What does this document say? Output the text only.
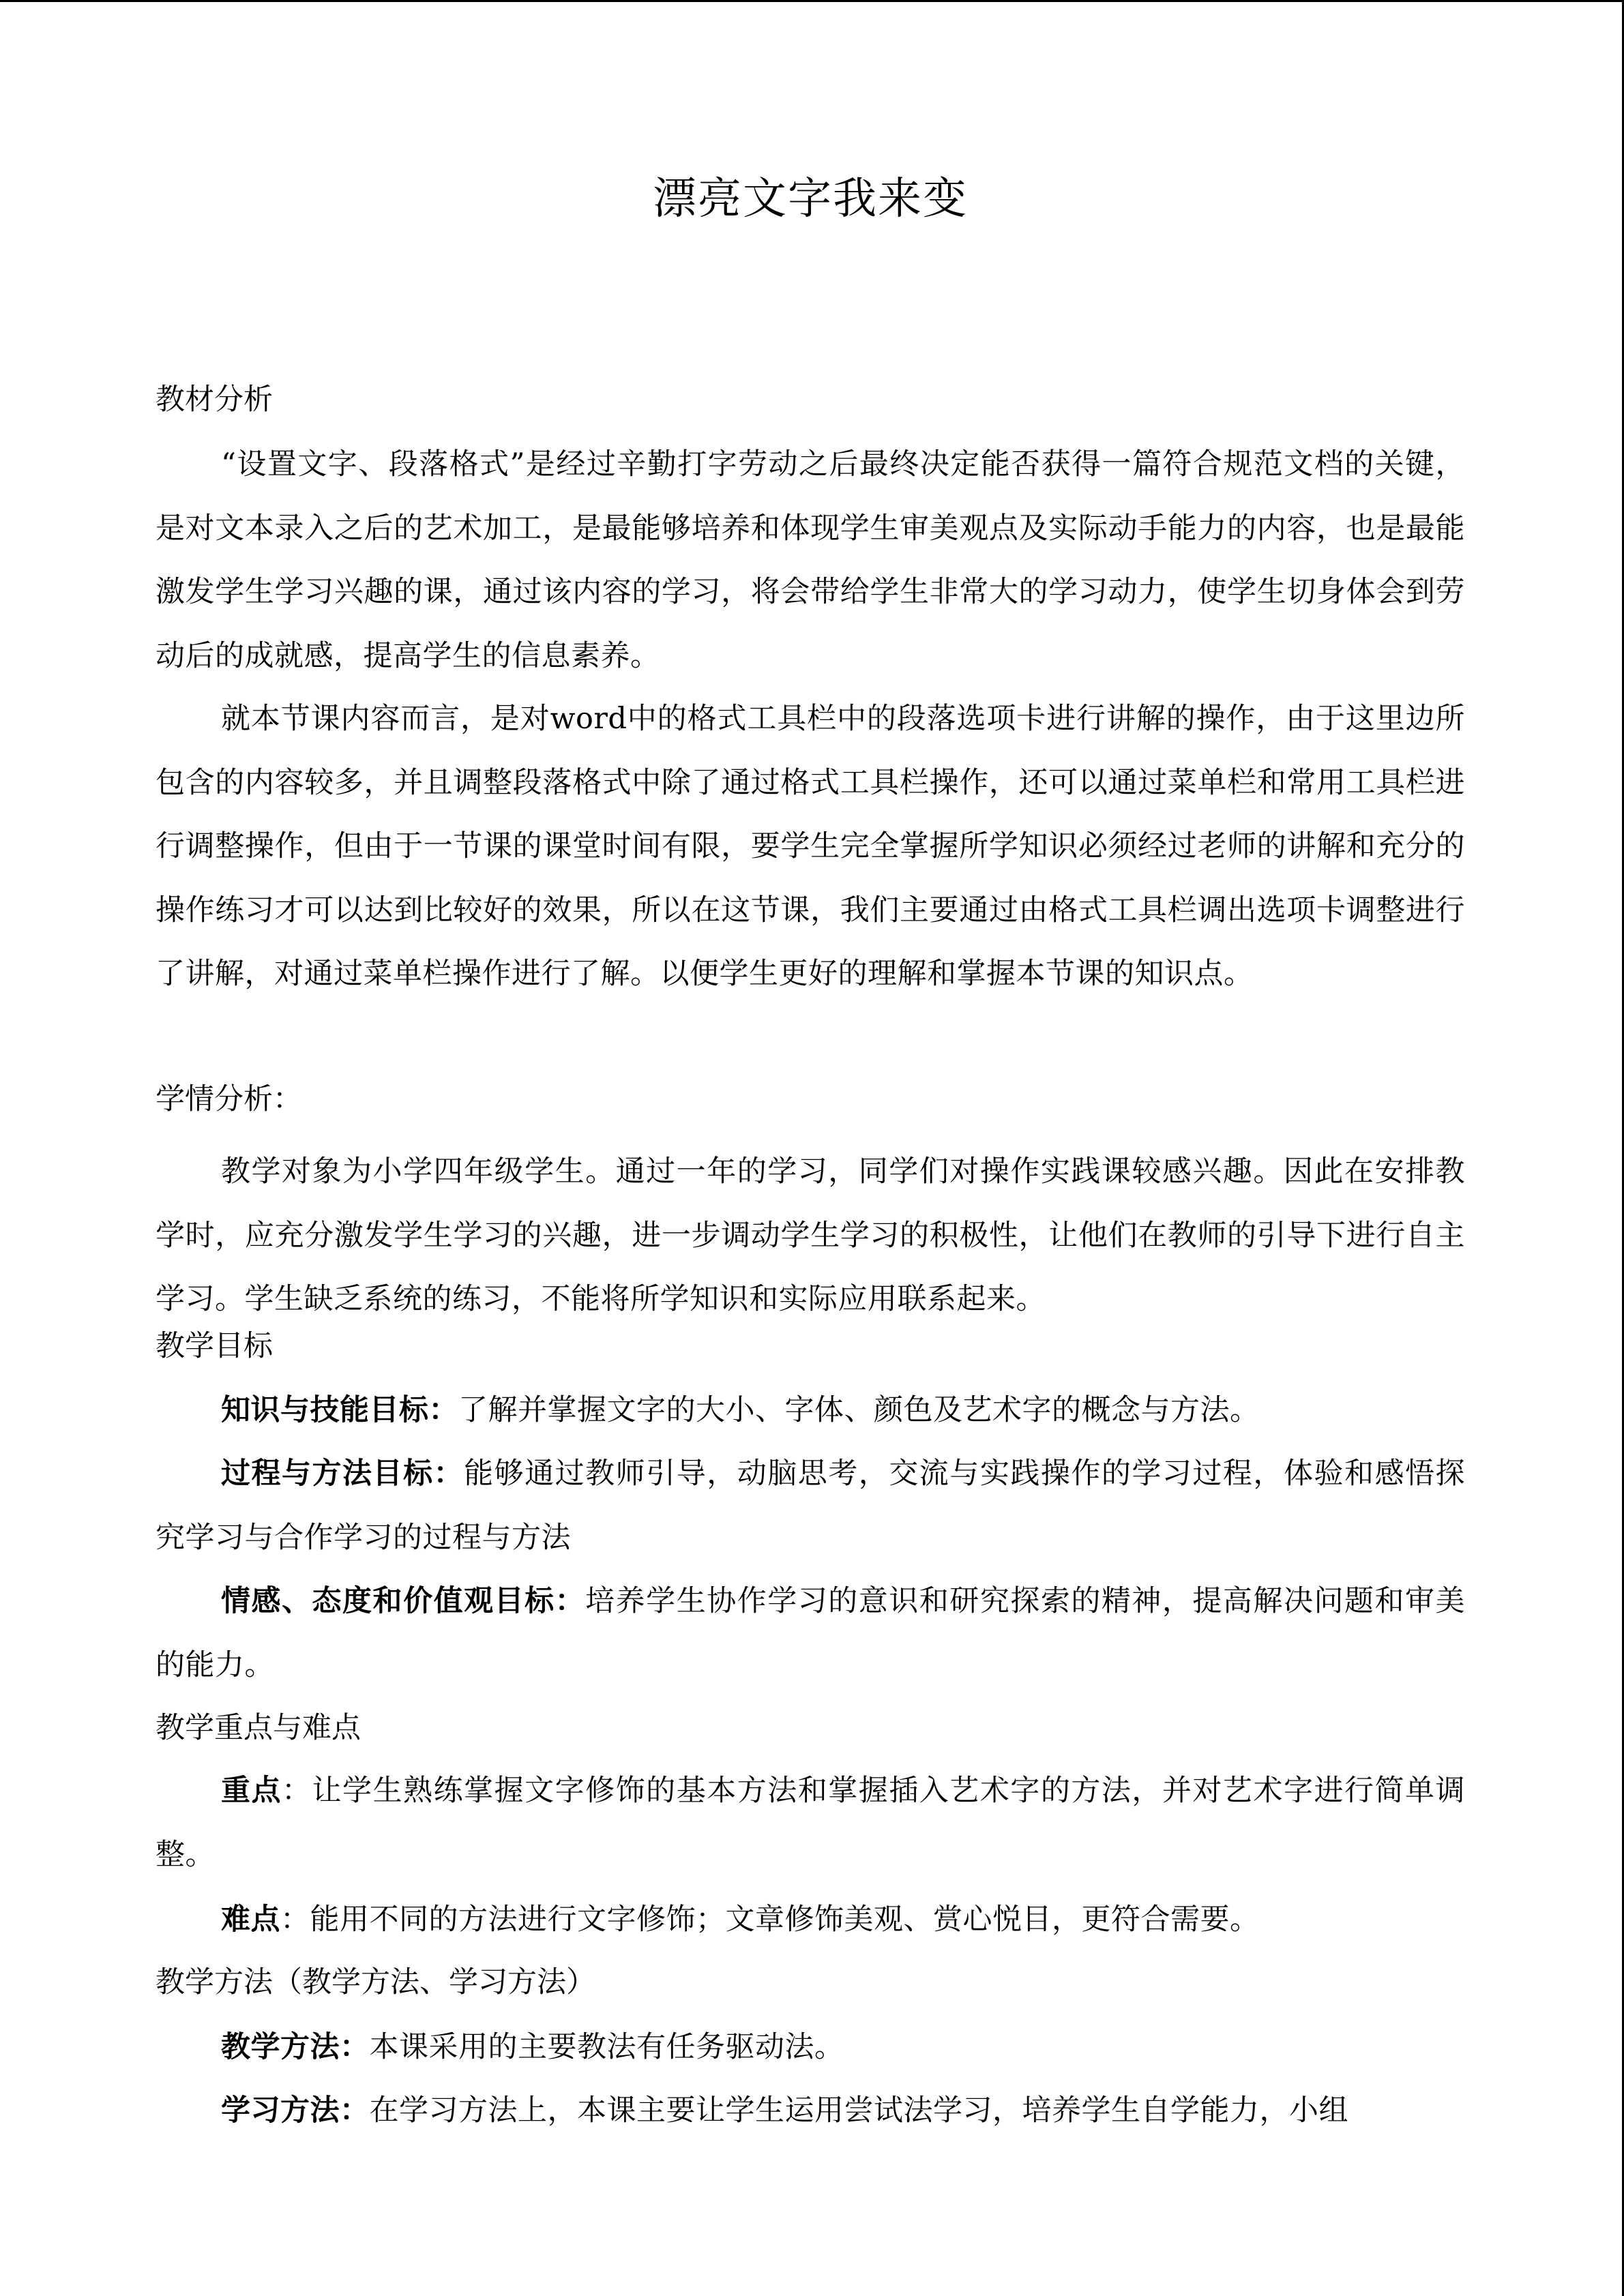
漂亮文字我来变
教材分析
“设置文字、段落格式”是经过辛勤打字劳动之后最终决定能否获得一篇符合规范文档的关键，是对文本录入之后的艺术加工，是最能够培养和体现学生审美观点及实际动手能力的内容，也是最能激发学生学习兴趣的课，通过该内容的学习，将会带给学生非常大的学习动力，使学生切身体会到劳动后的成就感，提高学生的信息素养。
就本节课内容而言，是对word中的格式工具栏中的段落选项卡进行讲解的操作，由于这里边所包含的内容较多，并且调整段落格式中除了通过格式工具栏操作，还可以通过菜单栏和常用工具栏进行调整操作，但由于一节课的课堂时间有限，要学生完全掌握所学知识必须经过老师的讲解和充分的操作练习才可以达到比较好的效果，所以在这节课，我们主要通过由格式工具栏调出选项卡调整进行了讲解，对通过菜单栏操作进行了解。以便学生更好的理解和掌握本节课的知识点。
学情分析：
教学对象为小学四年级学生。通过一年的学习，同学们对操作实践课较感兴趣。因此在安排教学时，应充分激发学生学习的兴趣，进一步调动学生学习的积极性，让他们在教师的引导下进行自主学习。学生缺乏系统的练习，不能将所学知识和实际应用联系起来。
教学目标
知识与技能目标：了解并掌握文字的大小、字体、颜色及艺术字的概念与方法。
过程与方法目标：能够通过教师引导，动脑思考，交流与实践操作的学习过程，体验和感悟探究学习与合作学习的过程与方法
情感、态度和价值观目标：培养学生协作学习的意识和研究探索的精神，提高解决问题和审美的能力。
教学重点与难点
重点：让学生熟练掌握文字修饰的基本方法和掌握插入艺术字的方法，并对艺术字进行简单调整。
难点：能用不同的方法进行文字修饰；文章修饰美观、赏心悦目，更符合需要。
教学方法（教学方法、学习方法）
教学方法：本课采用的主要教法有任务驱动法。
学习方法：在学习方法上，本课主要让学生运用尝试法学习，培养学生自学能力，小组
